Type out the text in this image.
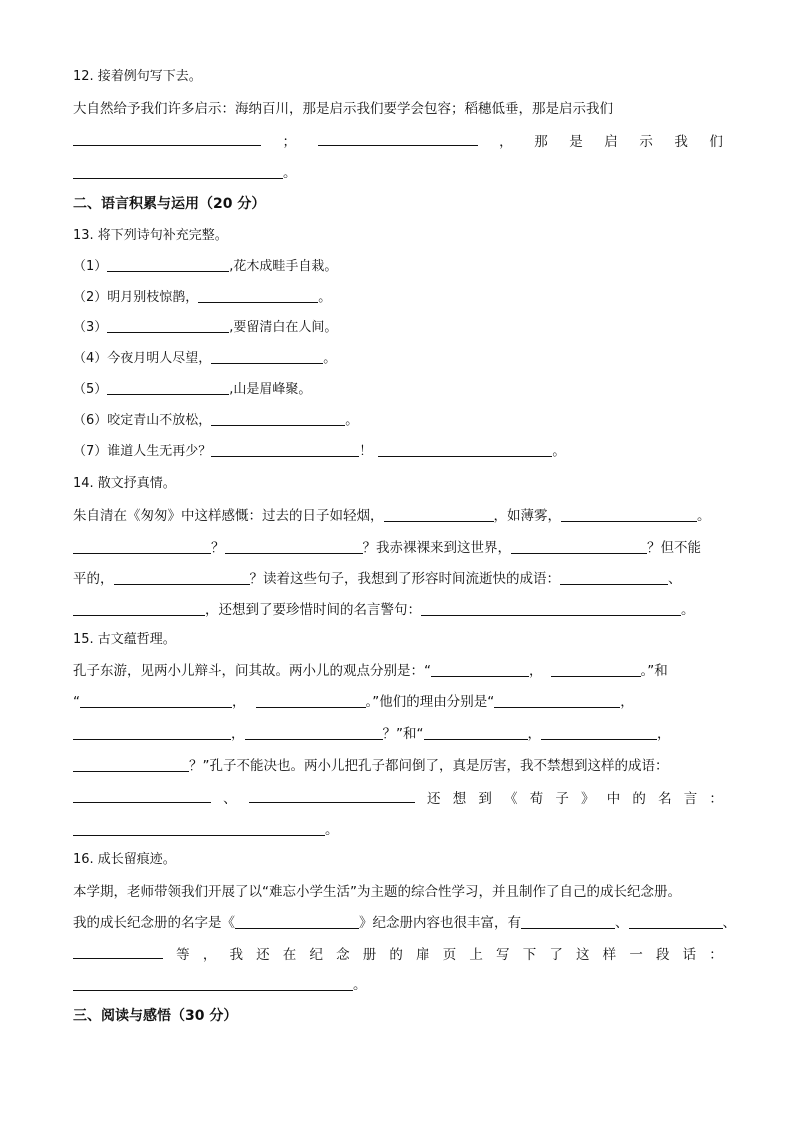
12. 接着例句写下去。
大自然给予我们许多启示：海纳百川，那是启示我们要学会包容；稻穗低垂，那是启示我们
；	， 那 是 启 示 我 们
。
二、语言积累与运用（20 分）
13. 将下列诗句补充完整。
（1）	,花木成畦手自栽。
（2）明月别枝惊鹊，	。
（3）	,要留清白在人间。
（4）今夜月明人尽望，	。
（5）	,山是眉峰聚。
（6）咬定青山不放松，	。
（7）谁道人生无再少？	！	。
14. 散文抒真情。
朱自清在《匆匆》中这样感慨：过去的日子如轻烟，	，如薄雾，	。
？	？我赤裸裸来到这世界，	？但不能
平的，	？读着这些句子，我想到了形容时间流逝快的成语：	、
，还想到了要珍惜时间的名言警句：	。
15. 古文蕴哲理。
孔子东游，见两小儿辩斗，问其故。两小儿的观点分别是：“	，	。”和
“	，	。”他们的理由分别是“	，
，	？”和“	，	，
？”孔子不能决也。两小儿把孔子都问倒了，真是厉害，我不禁想到这样的成语：
、	还 想 到 《 荀 子 》 中 的 名 言 ：
。
16. 成长留痕迹。
本学期，老师带领我们开展了以“难忘小学生活”为主题的综合性学习，并且制作了自己的成长纪念册。
我的成长纪念册的名字是《	》纪念册内容也很丰富，有	、	、
等 ， 我 还 在 纪 念 册 的 扉 页 上 写 下 了 这 样 一 段 话 ：
。
三、阅读与感悟（30 分）
